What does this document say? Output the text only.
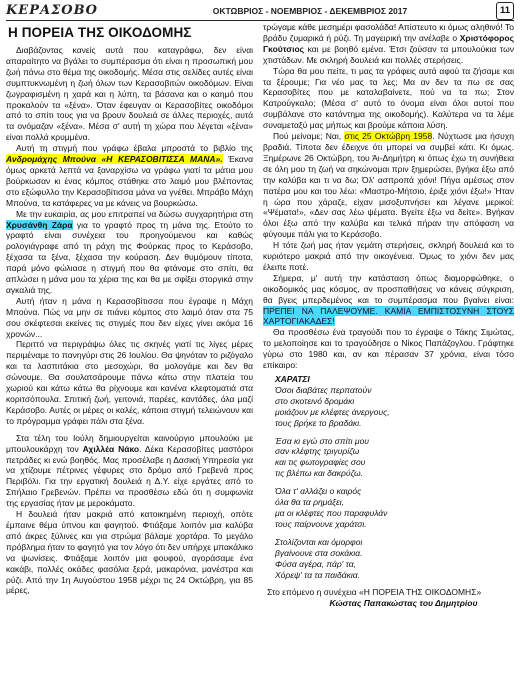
ΚΕΡΑΣΟΒΟ	ΟΚΤΩΒΡΙΟΣ - ΝΟΕΜΒΡΙΟΣ - ΔΕΚΕΜΒΡΙΟΣ 2017	11
Η ΠΟΡΕΙΑ ΤΗΣ ΟΙΚΟΔΟΜΗΣ

Διαβάζοντας κανείς αυτά που καταγράφω, δεν είναι απαραίτητο να βγάλει το συμπέρασμα ότι είναι η προσωπική μου ζωή πάνω στο θέμα της οικοδομής. Μέσα στις σελίδες αυτές είναι συμπτυκνωμένη η ζωή όλων των Κερασοβιτών οικοδόμων. Είναι ζωγραφισμένη η χαρά και η λύπη, τα βάσανα και ο καημό που προκαλούν τα «ξένα». Όταν έφευγαν οι Κερασοβίτες οικοδόμοι από το σπίτι τους για να βρουν δουλειά σε άλλες περιοχές, αυτά τα ονόμαζαν «ξένα». Μέσα σ' αυτή τη χώρα που λέγεται «ξένα» είναι πολλά κρυμμένα.

Αυτή τη στιγμή που γράφω έβαλα μπροστά το βιβλίο της Ανδρομάχης Μπούνα «Η ΚΕΡΑΣΟΒΙΤΙΣΣΑ ΜΑΝΑ». Έκανα όμως αρκετά λεπτά να ξαναρχίσω να γράφω γιατί τα μάτια μου βούρκωσαν κι ένας κόμπος στάθηκε στο λαιμό μου βλέποντας στο εξώφυλλο την Κερασοβίτισσα μάνα να γνέθει. Μπράβο Μάχη Μπούνα, τα κατάφερες να με κάνεις να βουρκώσω.

Με την ευκαιρία, ας μου επιτραπεί να δώσω συγχαρητήρια στη Χρυσάνθη Ζάρα για το γραφτό προς τη μάνα της. Ετούτο το γραφτό είναι συνέχεια του προηγούμενου και καθώς ρολογιάγραφε από τη ράχη της Φούρκας προς το Κεράσοβο, ξέχασα τα ξένα, ξέχασα την κούραση. Δεν θυμόμουν τίποτα, παρά μόνο φώλιασε η στιγμή που θα φτάναμε στο σπίτι, θα απλώσει η μάνα μου τα χέρια της και θα με σφίξει στοργικά στην αγκαλιά της.

Αυτή ήταν η μάνα η Κερασοβίτισσα που έγραψε η Μάχη Μπούνα. Πώς να μην σε πιάνει κόμπος στο λαιμό όταν στα 75 σου σκέφτεσαι εκείνες τις στιγμές που δεν είχες γίνει ακόμα 16 χρονών...

Περιττό να περιγράψω όλες τις σκηνές γιατί τις λίγες μέρες περιμέναμε το πανηγύρι στις 26 Ιουλίου. Θα ψηνόταν το ριζόγαλο και τα λασπιτάκια στο μεσοχώρι, θα μολογάμε και δεν θα σώνουμε. Θα σουλατσάρουμε πάνω κάτω στην πλατεία του χωριού και κάτω κάτω θα ρίχνουμε και κανένα κλεφτοματιά στα κοριτσόπουλα. Σπιτική ζωή, γειτονιά, παρέες, καντάδες, όλα μαζί Κεράσοβο. Αυτές οι μέρες οι καλές, κάποια στιγμή τελειώνουν και το πρόγραμμα γράφει πάλι στα ξένα.

Στα τέλη του Ιούλη δημιουργείται καινούργιο μπουλούκι με μπουλουκάρχη τον Αχιλλέα Νάκο. Δέκα Κερασοβίτες μαστόροι πετράδες κι ενώ βοηθός. Μας προσέλαβε η Δασική Υπηρεσία για να χτίζουμε πέτρινες γέφυρες στο δρόμο από Γρεβενά προς Περιβόλι. Για την εργατική δουλειά η Δ.Υ. είχε εργάτες από το Σπήλαιο Γρεβενών. Πρέπει να προσθέσω εδώ ότι η συμφωνία της εργασίας ήταν με μεροκάματο.

Η δουλειά ήταν μακριά από κατοικημένη περιοχή, οπότε έμπαινε θέμα ύπνου και φαγητού. Φτιάξαμε λοιπόν μια καλύβα από άκρες ξύλινες και για στρώμα βάλαμε χορτάρα. Το μεγάλο πρόβλημα ήταν το φαγητό για τον λόγο ότι δεν υπήρχε μπακάλικο να ψωνίσεις. Φτιάξαμε λοιπόν μια φουφού, αγοράσαμε ένα κακάβι, πολλές οκάδες φασόλια ξερά, μακαρόνια, μανέστρα και ρύζι. Από την 1η Αυγούστου 1958 μέχρι τις 24 Οκτώβρη, για 85 μέρες,

τρώγαμε κάθε μεσημέρι φασολάδα! Απίστευτο κι όμως αληθινό! Το βράδυ ζυμαρικά ή ρύζι. Τη μαγειρική την ανέλαβε ο Χριστόφορος Γκούτσιος και με βοηθό εμένα. Έτσι ζούσαν τα μπουλούκια των χτιστάδων. Με σκληρή δουλειά και πολλές στερήσεις.

Τώρα θα μου πείτε, τι μας τα γράφεις αυτά αφού τα ζήσαμε και τα ξέρουμε; Για νέο μας τα λες; Μα αν δεν τα πω σε σας Κερασοβίτες που με καταλαβαίνετε, πού να τα πω; Στον Κατρούγκαλο; (Μέσα σ' αυτό το όνομα είναι όλοι αυτοί που συμβάλανε στο κατάντημα της οικοδομής). Καλύτερα να τα λέμε συναμεταξύ μας μήπως και βρούμε κάποια λύση.

Πού μείναμε; Ναι, στις 25 Οκτώβρη 1958. Νύχτωσε μια ήσυχη βραδιά. Τίποτα δεν έδειχνε ότι μπορεί να συμβεί κάτι. Κι όμως. Ξημέρωνε 26 Οκτώβρη, του Άι-Δημήτρη κι όπως έχω τη συνήθεια σε όλη μου τη ζωή να σηκώνομαι πριν ξημερώσει, βγήκα έξω από την καλύβα και τι να δω; Όλ' ασπροπά χιόνι! Πήγα αμέσως στον πατέρα μου και του λέω: «Μαστρο-Μήτσιο, έριξε χιόνι έξω!» Ήταν η ώρα που χάραζε, είχαν μισοξυπνήσει και λέγανε μερικοί: «Ψέματα!», «Δεν σας λέω ψέματα. Βγείτε έξω να δείτε». Βγήκαν όλοι έξω από την καλύβα και τελικά πήραν την απόφαση να φύγουμε πάλι για το Κεράσοβο.

Η τότε ζωή μας ήταν γεμάτη στερήσεις, σκληρή δουλειά και το κυριότερο μακριά από την οικογένεια. Όμως το χιόνι δεν μας έλειπε ποτέ.

Σήμερα, μ' αυτή την κατάσταση όπως διαμορφώθηκε, ο οικοδομικός μας κόσμος, αν προσπαθήσεις να κάνεις σύγκριση, θα βγεις μπερδεμένος και το συμπέρασμα που βγαίνει είναι: ΠΡΕΠΕΙ ΝΑ ΠΑΛΕΨΟΥΜΕ. ΚΑΜΙΑ ΕΜΠΙΣΤΟΣΥΝΗ ΣΤΟΥΣ ΧΑΡΤΟΓΙΑΚΑΔΕΣ!

Θα προσθέσω ένα τραγούδι που το έγραψε ο Τάκης Σιμώτας, το μελοποίησε και το τραγούδησε ο Νίκος Παπάζογλου. Γράφτηκε γύρω στο 1980 και, αν και πέρασαν 37 χρόνια, είναι τόσο επίκαιρο:

ΧΑΡΑΤΣΙ
Όσοι διαβάτες περπατούν
στο σκοτεινό δρομάκι
μοιάζουν με κλέφτες άνεργους,
τους βρήκε το βραδάκι.
Έσα κι εγώ στο σπίτι μου
σαν κλέφτης τριγυρίζω
και τις φωτογραφίες σου
τις βλέπω και δακρύζω.
Όλα τ' αλλάζει ο καιρός
όλα θα τα ρημάξει,
μα οι κλέφτες που παραφυλάν
τους παίρνουνε χαράτσι.
Στολίζονται και όμορφοι
βγαίνουνε στα σοκάκια.
Φύσα αγέρα, πάρ' τα,
Χόρεψ' τα τα παιδάκια.
Στο επόμενο η συνέχεια «Η ΠΟΡΕΙΑ ΤΗΣ ΟΙΚΟΔΟΜΗΣ»
Κώστας Παπακώστας του Δημητρίου
